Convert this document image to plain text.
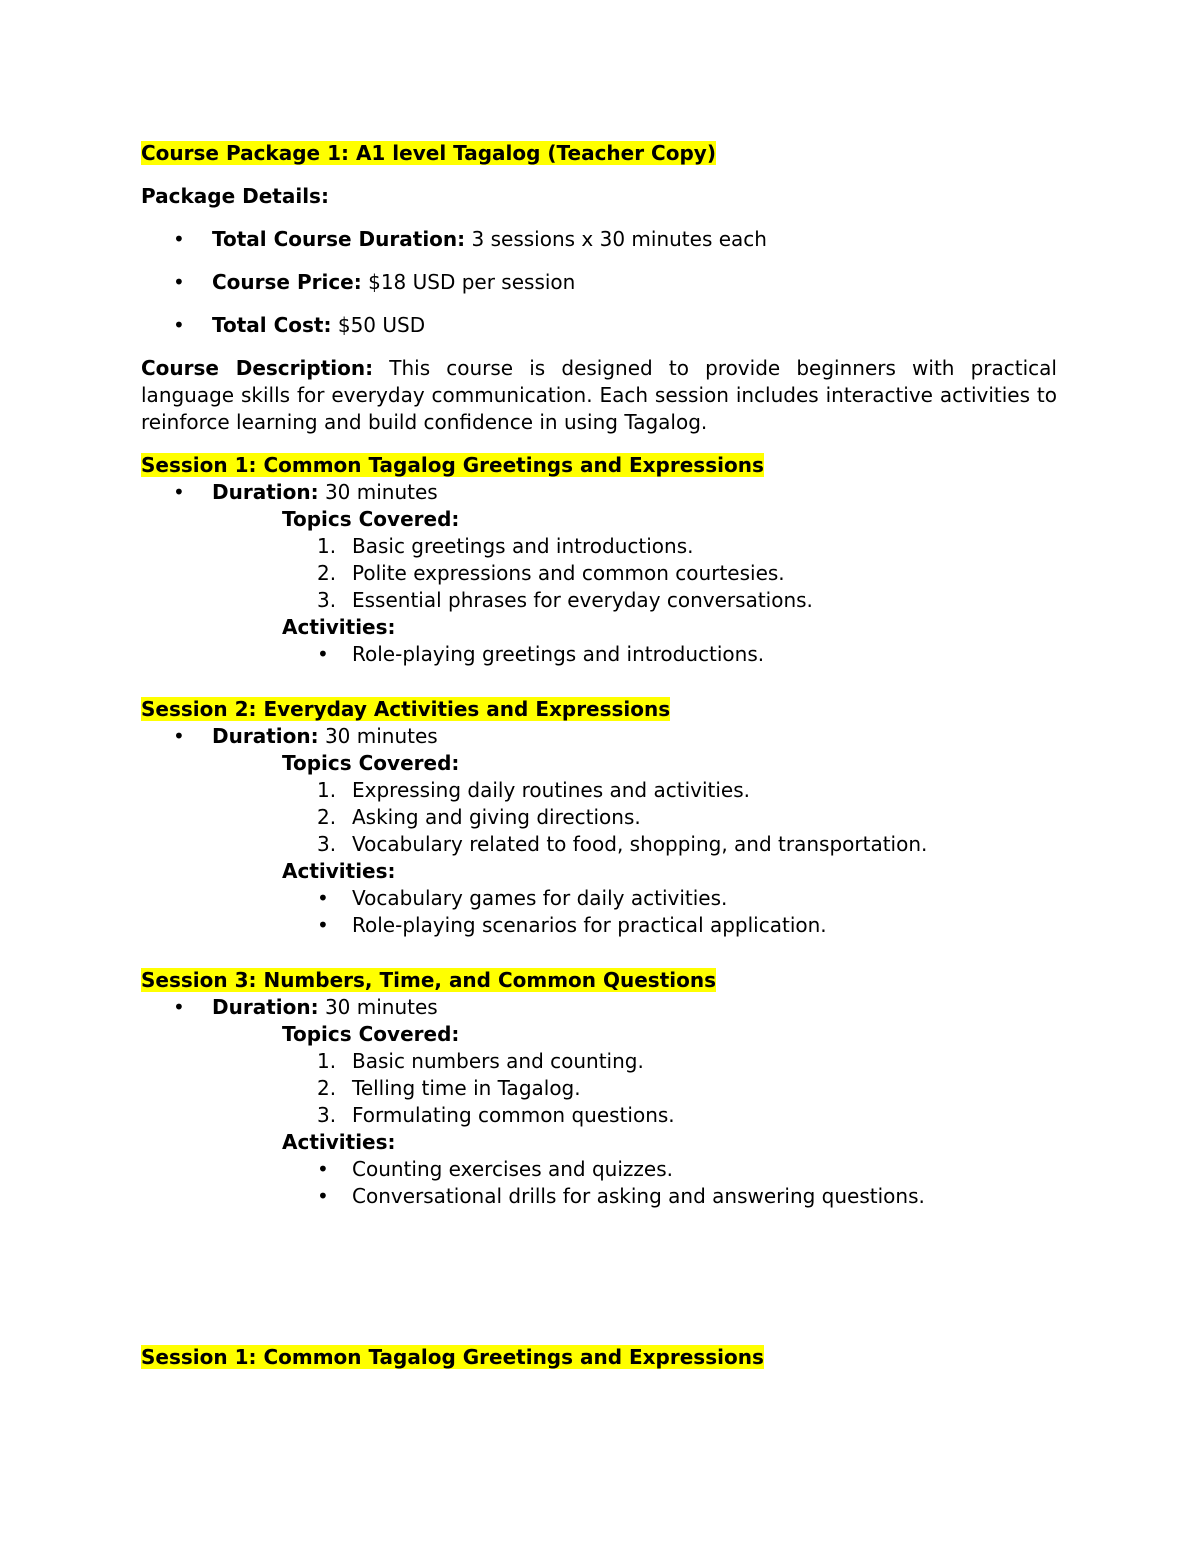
Course Package 1: A1 level Tagalog (Teacher Copy)

Package Details:

• Total Course Duration: 3 sessions x 30 minutes each
• Course Price: $18 USD per session
• Total Cost: $50 USD

Course Description: This course is designed to provide beginners with practical language skills for everyday communication. Each session includes interactive activities to reinforce learning and build confidence in using Tagalog.

Session 1: Common Tagalog Greetings and Expressions

• Duration: 30 minutes
Topics Covered:
1. Basic greetings and introductions.
2. Polite expressions and common courtesies.
3. Essential phrases for everyday conversations.
Activities:
• Role-playing greetings and introductions.

Session 2: Everyday Activities and Expressions

• Duration: 30 minutes
Topics Covered:
1. Expressing daily routines and activities.
2. Asking and giving directions.
3. Vocabulary related to food, shopping, and transportation.
Activities:
• Vocabulary games for daily activities.
• Role-playing scenarios for practical application.

Session 3: Numbers, Time, and Common Questions

• Duration: 30 minutes
Topics Covered:
1. Basic numbers and counting.
2. Telling time in Tagalog.
3. Formulating common questions.
Activities:
• Counting exercises and quizzes.
• Conversational drills for asking and answering questions.

Session 1: Common Tagalog Greetings and Expressions
